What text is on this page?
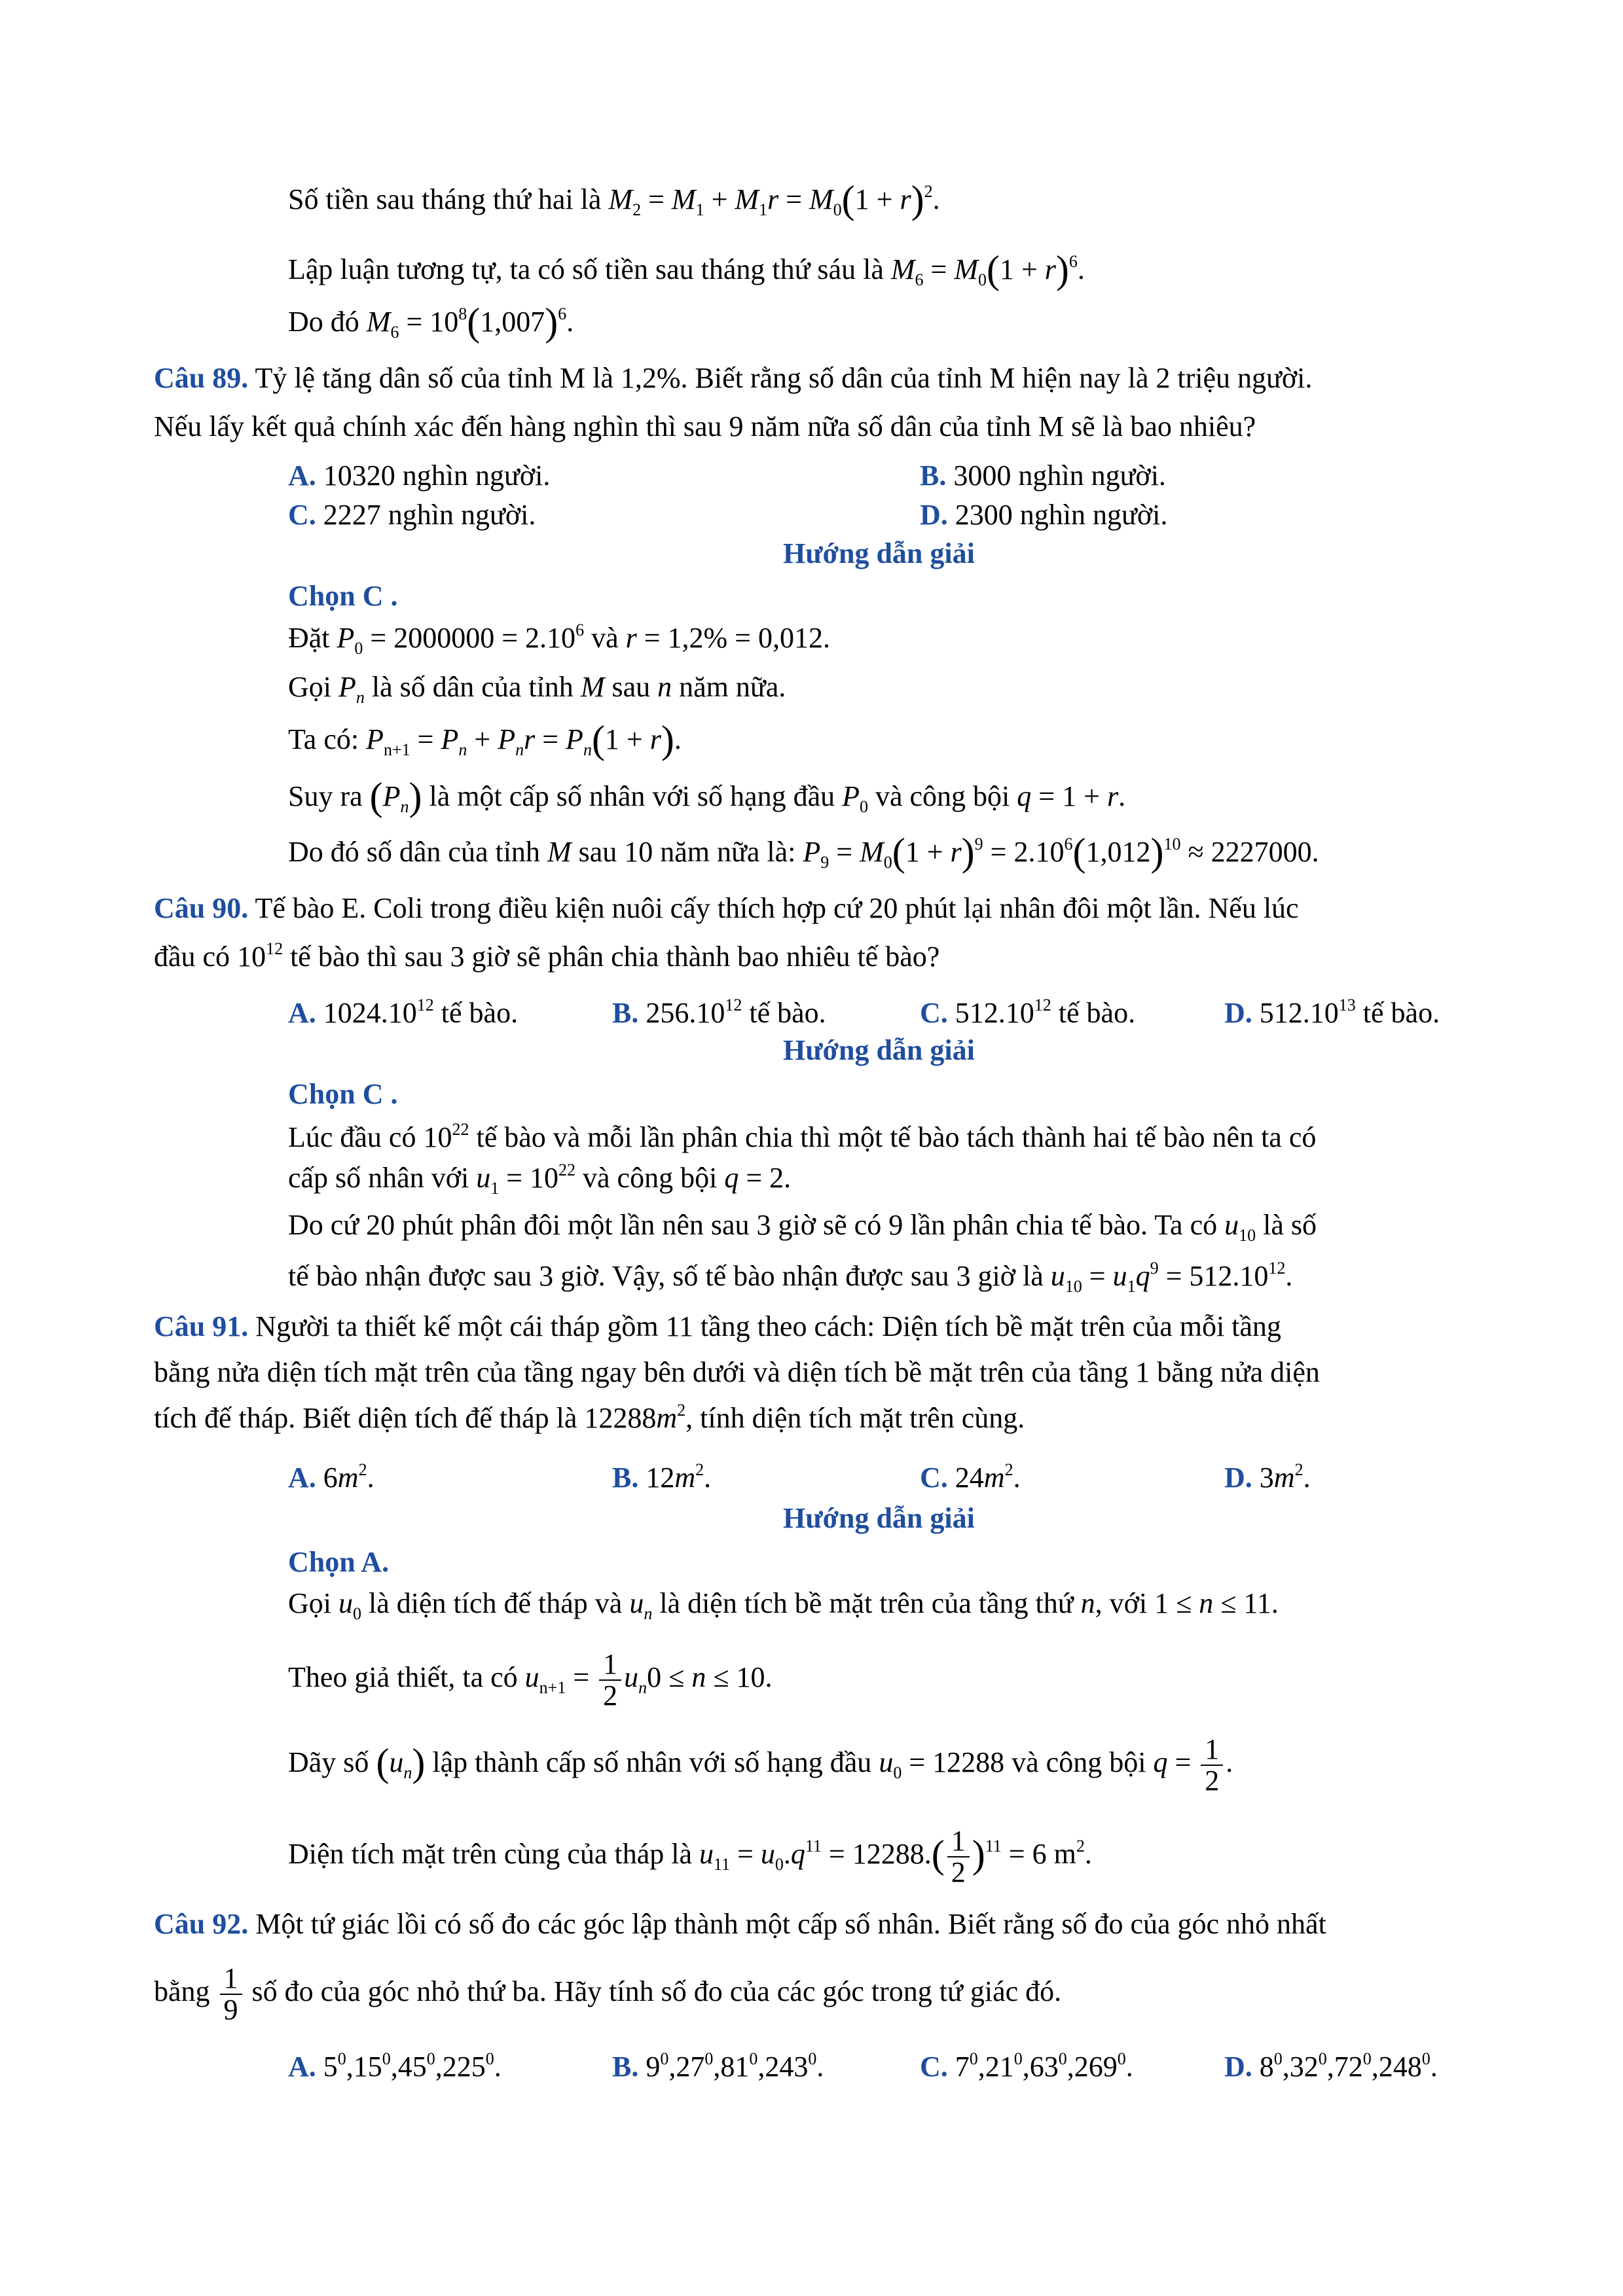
Số tiền sau tháng thứ hai là $M_2 = M_1 + M_1r = M_0(1 + r)^2$.
Lập luận tương tự, ta có số tiền sau tháng thứ sáu là $M_6 = M_0(1 + r)^6$.
Do đó $M_6 = 10^8(1,007)^6$.
Câu 89. Tỷ lệ tăng dân số của tỉnh M là 1,2%. Biết rằng số dân của tỉnh M hiện nay là 2 triệu người.
Nếu lấy kết quả chính xác đến hàng nghìn thì sau 9 năm nữa số dân của tỉnh M sẽ là bao nhiêu?
A. 10320 nghìn người.	B. 3000 nghìn người.
C. 2227 nghìn người.	D. 2300 nghìn người.
Hướng dẫn giải
Chọn C .
Đặt $P_0 = 2000000 = 2.10^6$ và r = 1,2% = 0,012.
Gọi $P_n$ là số dân của tỉnh M sau n năm nữa.
Ta có: $P_{n+1} = P_n + P_nr = P_n(1 + r)$.
Suy ra $(P_n)$ là một cấp số nhân với số hạng đầu $P_0$ và công bội q = 1 + r.
Do đó số dân của tỉnh M sau 10 năm nữa là: $P_9 = M_0(1 + r)^9 = 2.10^6(1,012)^{10} \approx 2227000$.
Câu 90. Tế bào E. Coli trong điều kiện nuôi cấy thích hợp cứ 20 phút lại nhân đôi một lần. Nếu lúc
đầu có $10^{12}$ tế bào thì sau 3 giờ sẽ phân chia thành bao nhiêu tế bào?
A. 1024.10$^{12}$ tế bào.	B. 256.10$^{12}$ tế bào.	C. 512.10$^{12}$ tế bào.	D. 512.10$^{13}$ tế bào.
Hướng dẫn giải
Chọn C .
Lúc đầu có $10^{22}$ tế bào và mỗi lần phân chia thì một tế bào tách thành hai tế bào nên ta có
cấp số nhân với $u_1 = 10^{22}$ và công bội q = 2.
Do cứ 20 phút phân đôi một lần nên sau 3 giờ sẽ có 9 lần phân chia tế bào. Ta có $u_{10}$ là số
tế bào nhận được sau 3 giờ. Vậy, số tế bào nhận được sau 3 giờ là $u_{10} = u_1q^9 = 512.10^{12}$.
Câu 91. Người ta thiết kế một cái tháp gồm 11 tầng theo cách: Diện tích bề mặt trên của mỗi tầng
bằng nửa diện tích mặt trên của tầng ngay bên dưới và diện tích bề mặt trên của tầng 1 bằng nửa diện
tích đế tháp. Biết diện tích đế tháp là $12288m^2$, tính diện tích mặt trên cùng.
A. $6m^2$.	B. $12m^2$.	C. $24m^2$.	D. $3m^2$.
Hướng dẫn giải
Chọn A.
Gọi $u_0$ là diện tích đế tháp và $u_n$ là diện tích bề mặt trên của tầng thứ n, với 1 ≤ n ≤ 11.
Theo giả thiết, ta có $u_{n+1} = \frac{1}{2} u_n0 \le n \le 10$.
Dãy số $(u_n)$ lập thành cấp số nhân với số hạng đầu $u_0 = 12288$ và công bội $q = \frac{1}{2}$ .
Diện tích mặt trên cùng của tháp là $u_{11} = u_0.q^{11} = 12288.( \frac{1}{2} )^{11} = 6$ $m^2$.
Câu 92. Một tứ giác lồi có số đo các góc lập thành một cấp số nhân. Biết rằng số đo của góc nhỏ nhất
bằng $\frac{1}{9}$ số đo của góc nhỏ thứ ba. Hãy tính số đo của các góc trong tứ giác đó.
A. $5^0,15^0,45^0,225^0$.	B. $9^0,27^0,81^0,243^0$.	C. $7^0,21^0,63^0,269^0$.	D. $8^0,32^0,72^0,248^0$.
